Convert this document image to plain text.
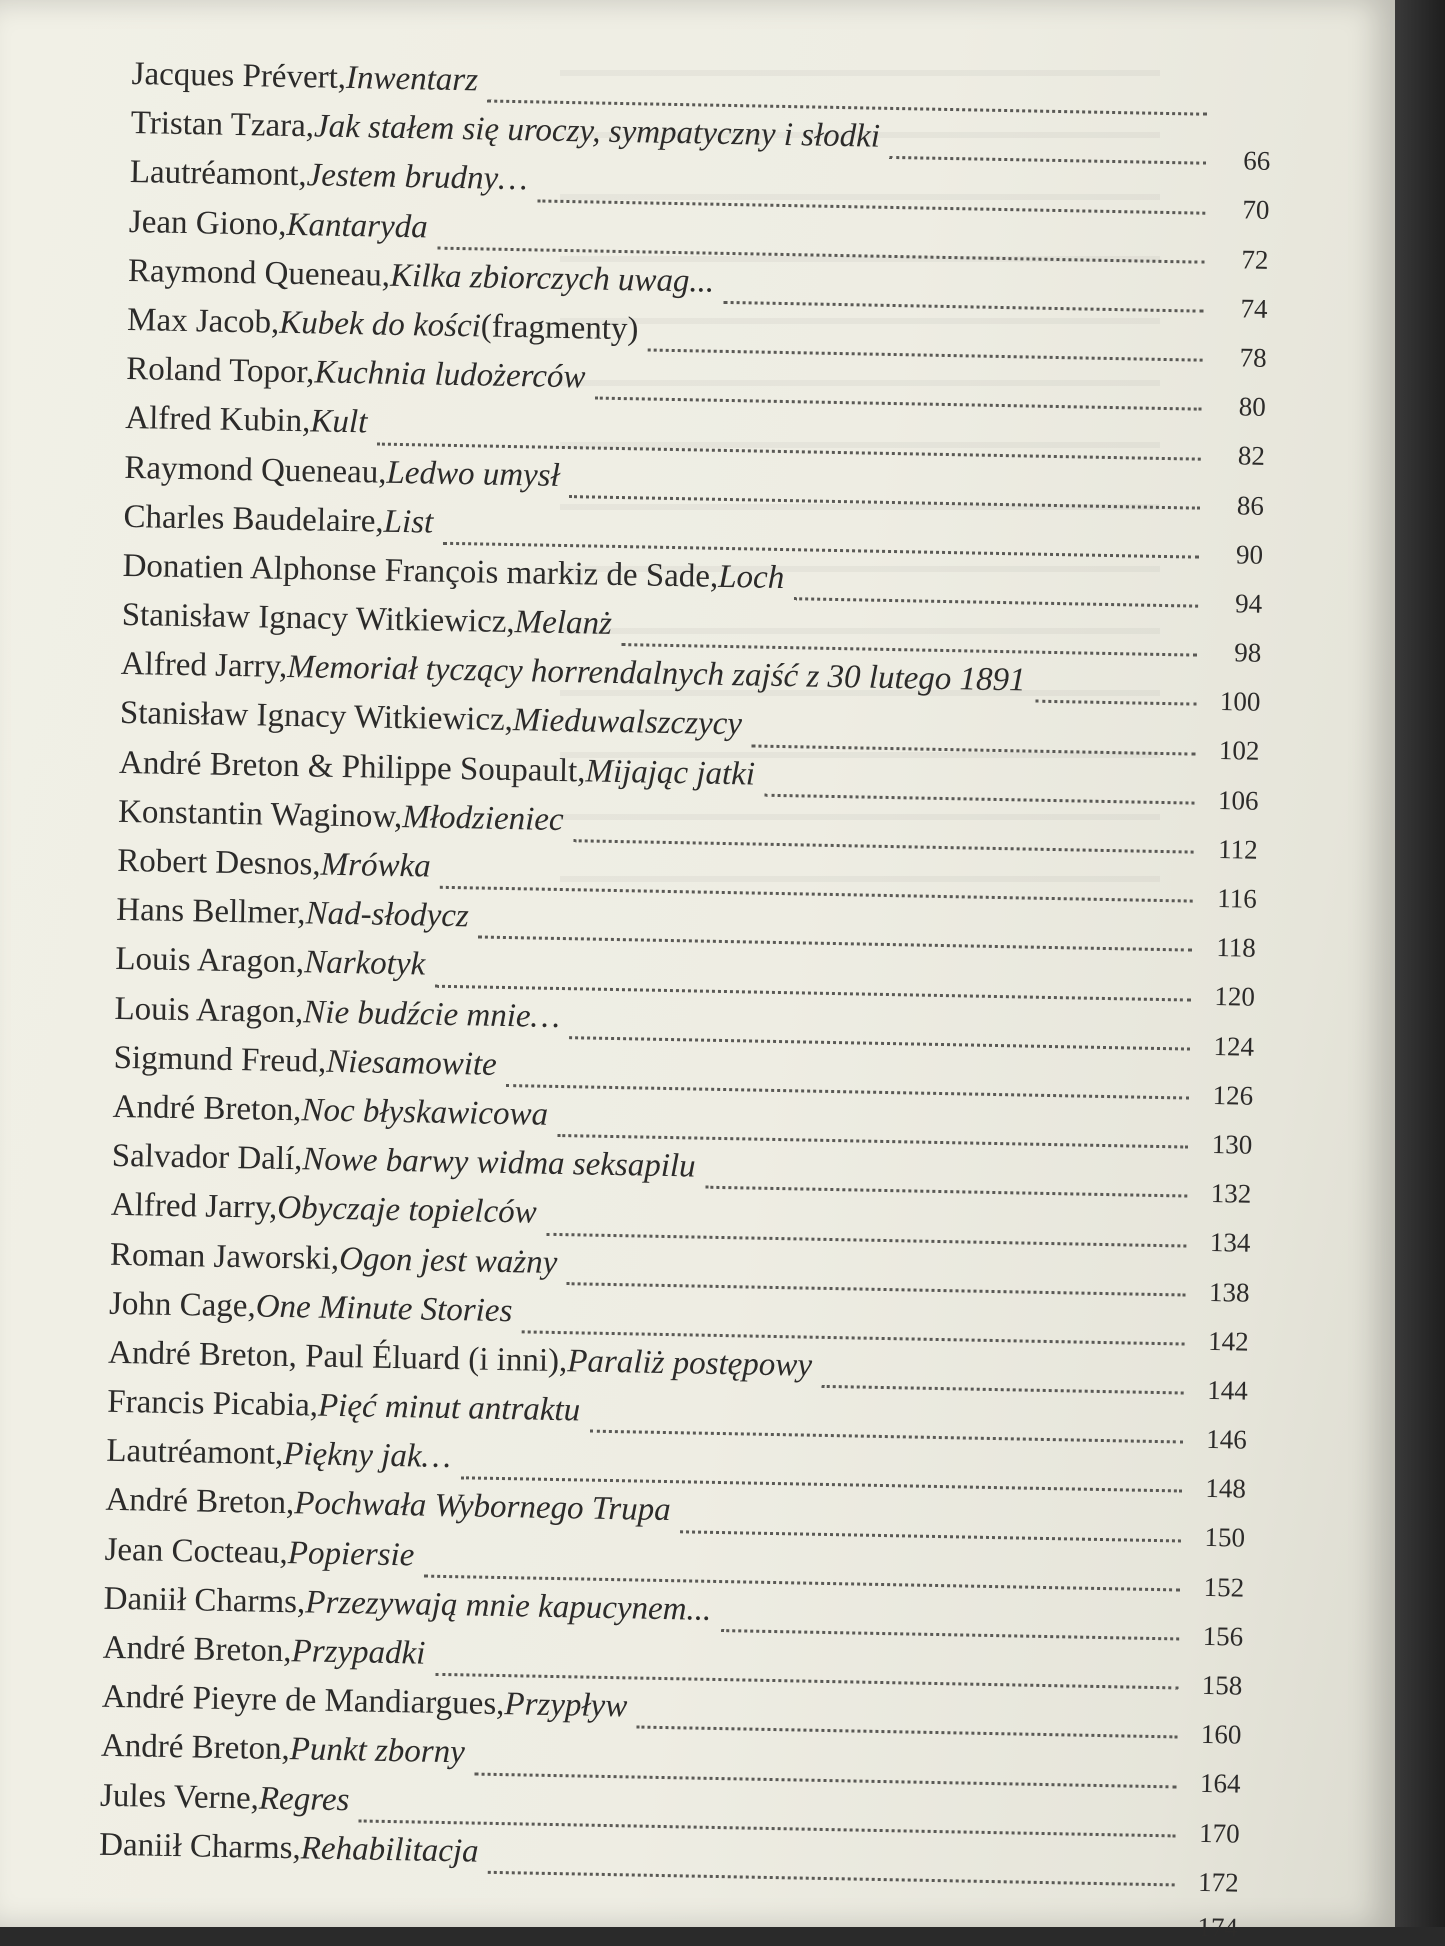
Jacques Prévert, Inwentarz
Tristan Tzara, Jak stałem się uroczy, sympatyczny i słodki
66
Lautréamont, Jestem brudny…
70
Jean Giono, Kantaryda
72
Raymond Queneau, Kilka zbiorczych uwag...
74
Max Jacob, Kubek do kości (fragmenty)
78
Roland Topor, Kuchnia ludożerców
80
Alfred Kubin, Kult
82
Raymond Queneau, Ledwo umysł
86
Charles Baudelaire, List
90
Donatien Alphonse François markiz de Sade, Loch
94
Stanisław Ignacy Witkiewicz, Melanż
98
Alfred Jarry, Memoriał tyczący horrendalnych zajść z 30 lutego 1891
100
Stanisław Ignacy Witkiewicz, Mieduwalszczycy
102
André Breton & Philippe Soupault, Mijając jatki
106
Konstantin Waginow, Młodzieniec
112
Robert Desnos, Mrówka
116
Hans Bellmer, Nad-słodycz
118
Louis Aragon, Narkotyk
120
Louis Aragon, Nie budźcie mnie…
124
Sigmund Freud, Niesamowite
126
André Breton, Noc błyskawicowa
130
Salvador Dalí, Nowe barwy widma seksapilu
132
Alfred Jarry, Obyczaje topielców
134
Roman Jaworski, Ogon jest ważny
138
John Cage, One Minute Stories
142
André Breton, Paul Éluard (i inni), Paraliż postępowy
144
Francis Picabia, Pięć minut antraktu
146
Lautréamont, Piękny jak…
148
André Breton, Pochwała Wybornego Trupa
150
Jean Cocteau, Popiersie
152
Daniił Charms, Przezywają mnie kapucynem...
156
André Breton, Przypadki
158
André Pieyre de Mandiargues, Przypływ
160
André Breton, Punkt zborny
164
Jules Verne, Regres
170
Daniił Charms, Rehabilitacja
172
174
